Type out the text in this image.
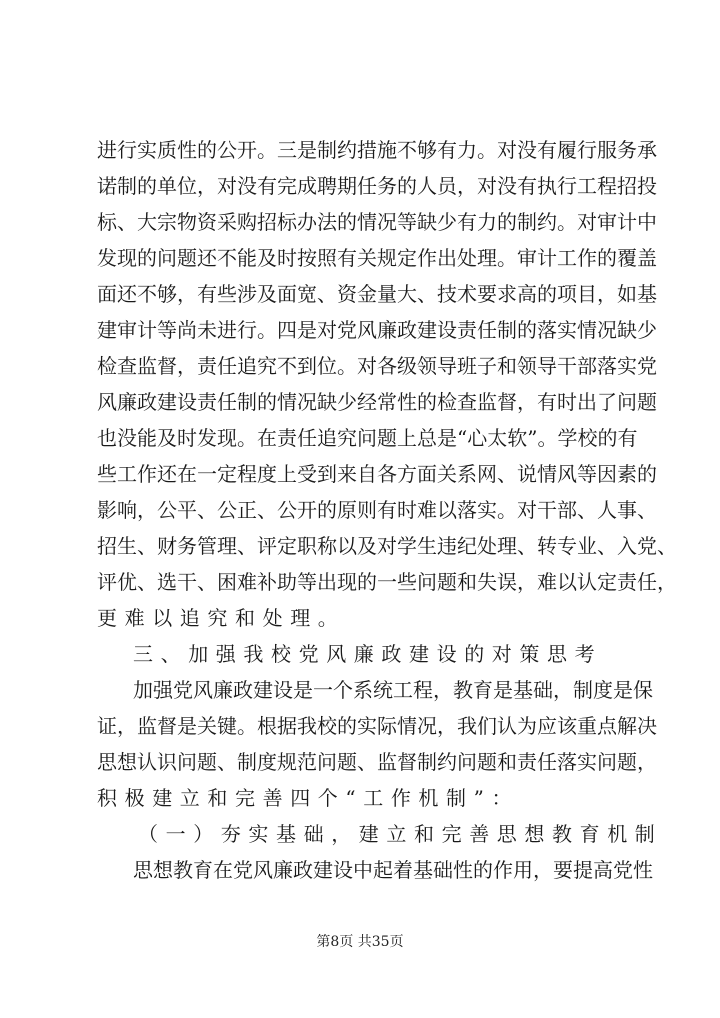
进行实质性的公开。三是制约措施不够有力。对没有履行服务承
诺制的单位，对没有完成聘期任务的人员，对没有执行工程招投
标、大宗物资采购招标办法的情况等缺少有力的制约。对审计中
发现的问题还不能及时按照有关规定作出处理。审计工作的覆盖
面还不够，有些涉及面宽、资金量大、技术要求高的项目，如基
建审计等尚未进行。四是对党风廉政建设责任制的落实情况缺少
检查监督，责任追究不到位。对各级领导班子和领导干部落实党
风廉政建设责任制的情况缺少经常性的检查监督，有时出了问题
也没能及时发现。在责任追究问题上总是“心太软”。学校的有
些工作还在一定程度上受到来自各方面关系网、说情风等因素的
影响，公平、公正、公开的原则有时难以落实。对干部、人事、
招生、财务管理、评定职称以及对学生违纪处理、转专业、入党、
评优、选干、困难补助等出现的一些问题和失误，难以认定责任，
更难以追究和处理。
三、加强我校党风廉政建设的对策思考
加强党风廉政建设是一个系统工程，教育是基础，制度是保
证，监督是关键。根据我校的实际情况，我们认为应该重点解决
思想认识问题、制度规范问题、监督制约问题和责任落实问题，
积极建立和完善四个“工作机制”：
（一）夯实基础，建立和完善思想教育机制
思想教育在党风廉政建设中起着基础性的作用，要提高党性
第8页 共35页
